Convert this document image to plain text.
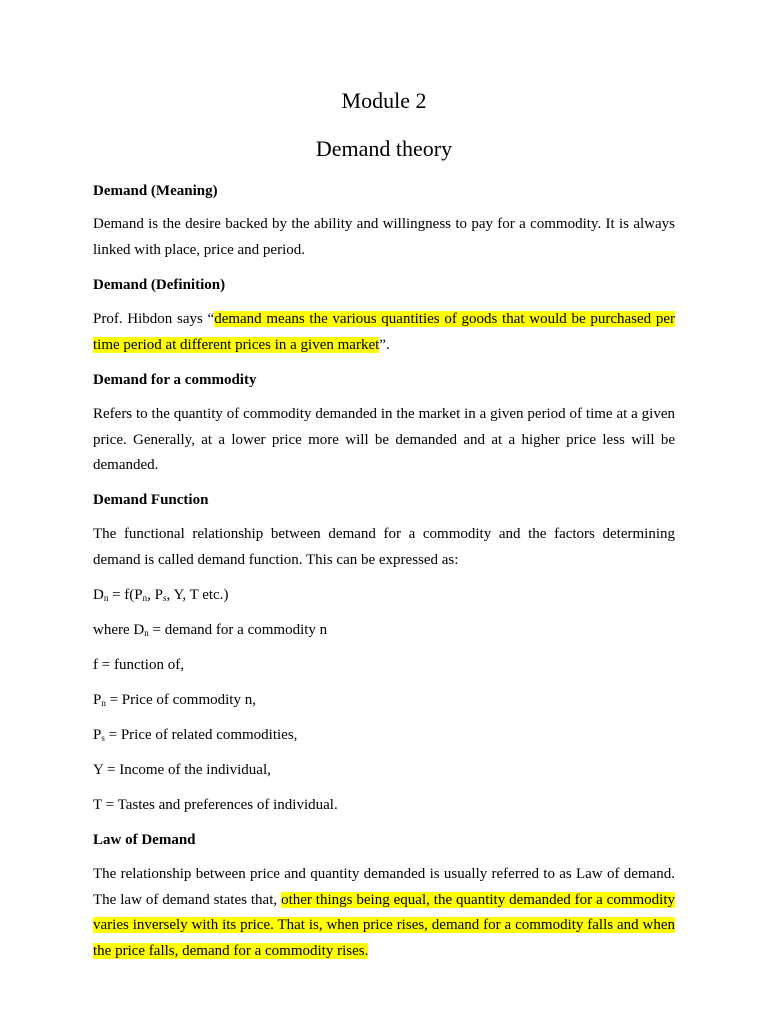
Module 2
Demand theory

Demand (Meaning)

Demand is the desire backed by the ability and willingness to pay for a commodity. It is always linked with place, price and period.

Demand (Definition)

Prof. Hibdon says “demand means the various quantities of goods that would be purchased per time period at different prices in a given market”.

Demand for a commodity

Refers to the quantity of commodity demanded in the market in a given period of time at a given price. Generally, at a lower price more will be demanded and at a higher price less will be demanded.

Demand Function

The functional relationship between demand for a commodity and the factors determining demand is called demand function. This can be expressed as:

$D_n = f(P_n$, $P_s$, Y, T etc.)

where $D_n$ = demand for a commodity n

f = function of,

$P_n$ = Price of commodity n,

$P_s$ = Price of related commodities,

Y = Income of the individual,

T = Tastes and preferences of individual.

Law of Demand

The relationship between price and quantity demanded is usually referred to as Law of demand. The law of demand states that, other things being equal, the quantity demanded for a commodity varies inversely with its price. That is, when price rises, demand for a commodity falls and when the price falls, demand for a commodity rises.
